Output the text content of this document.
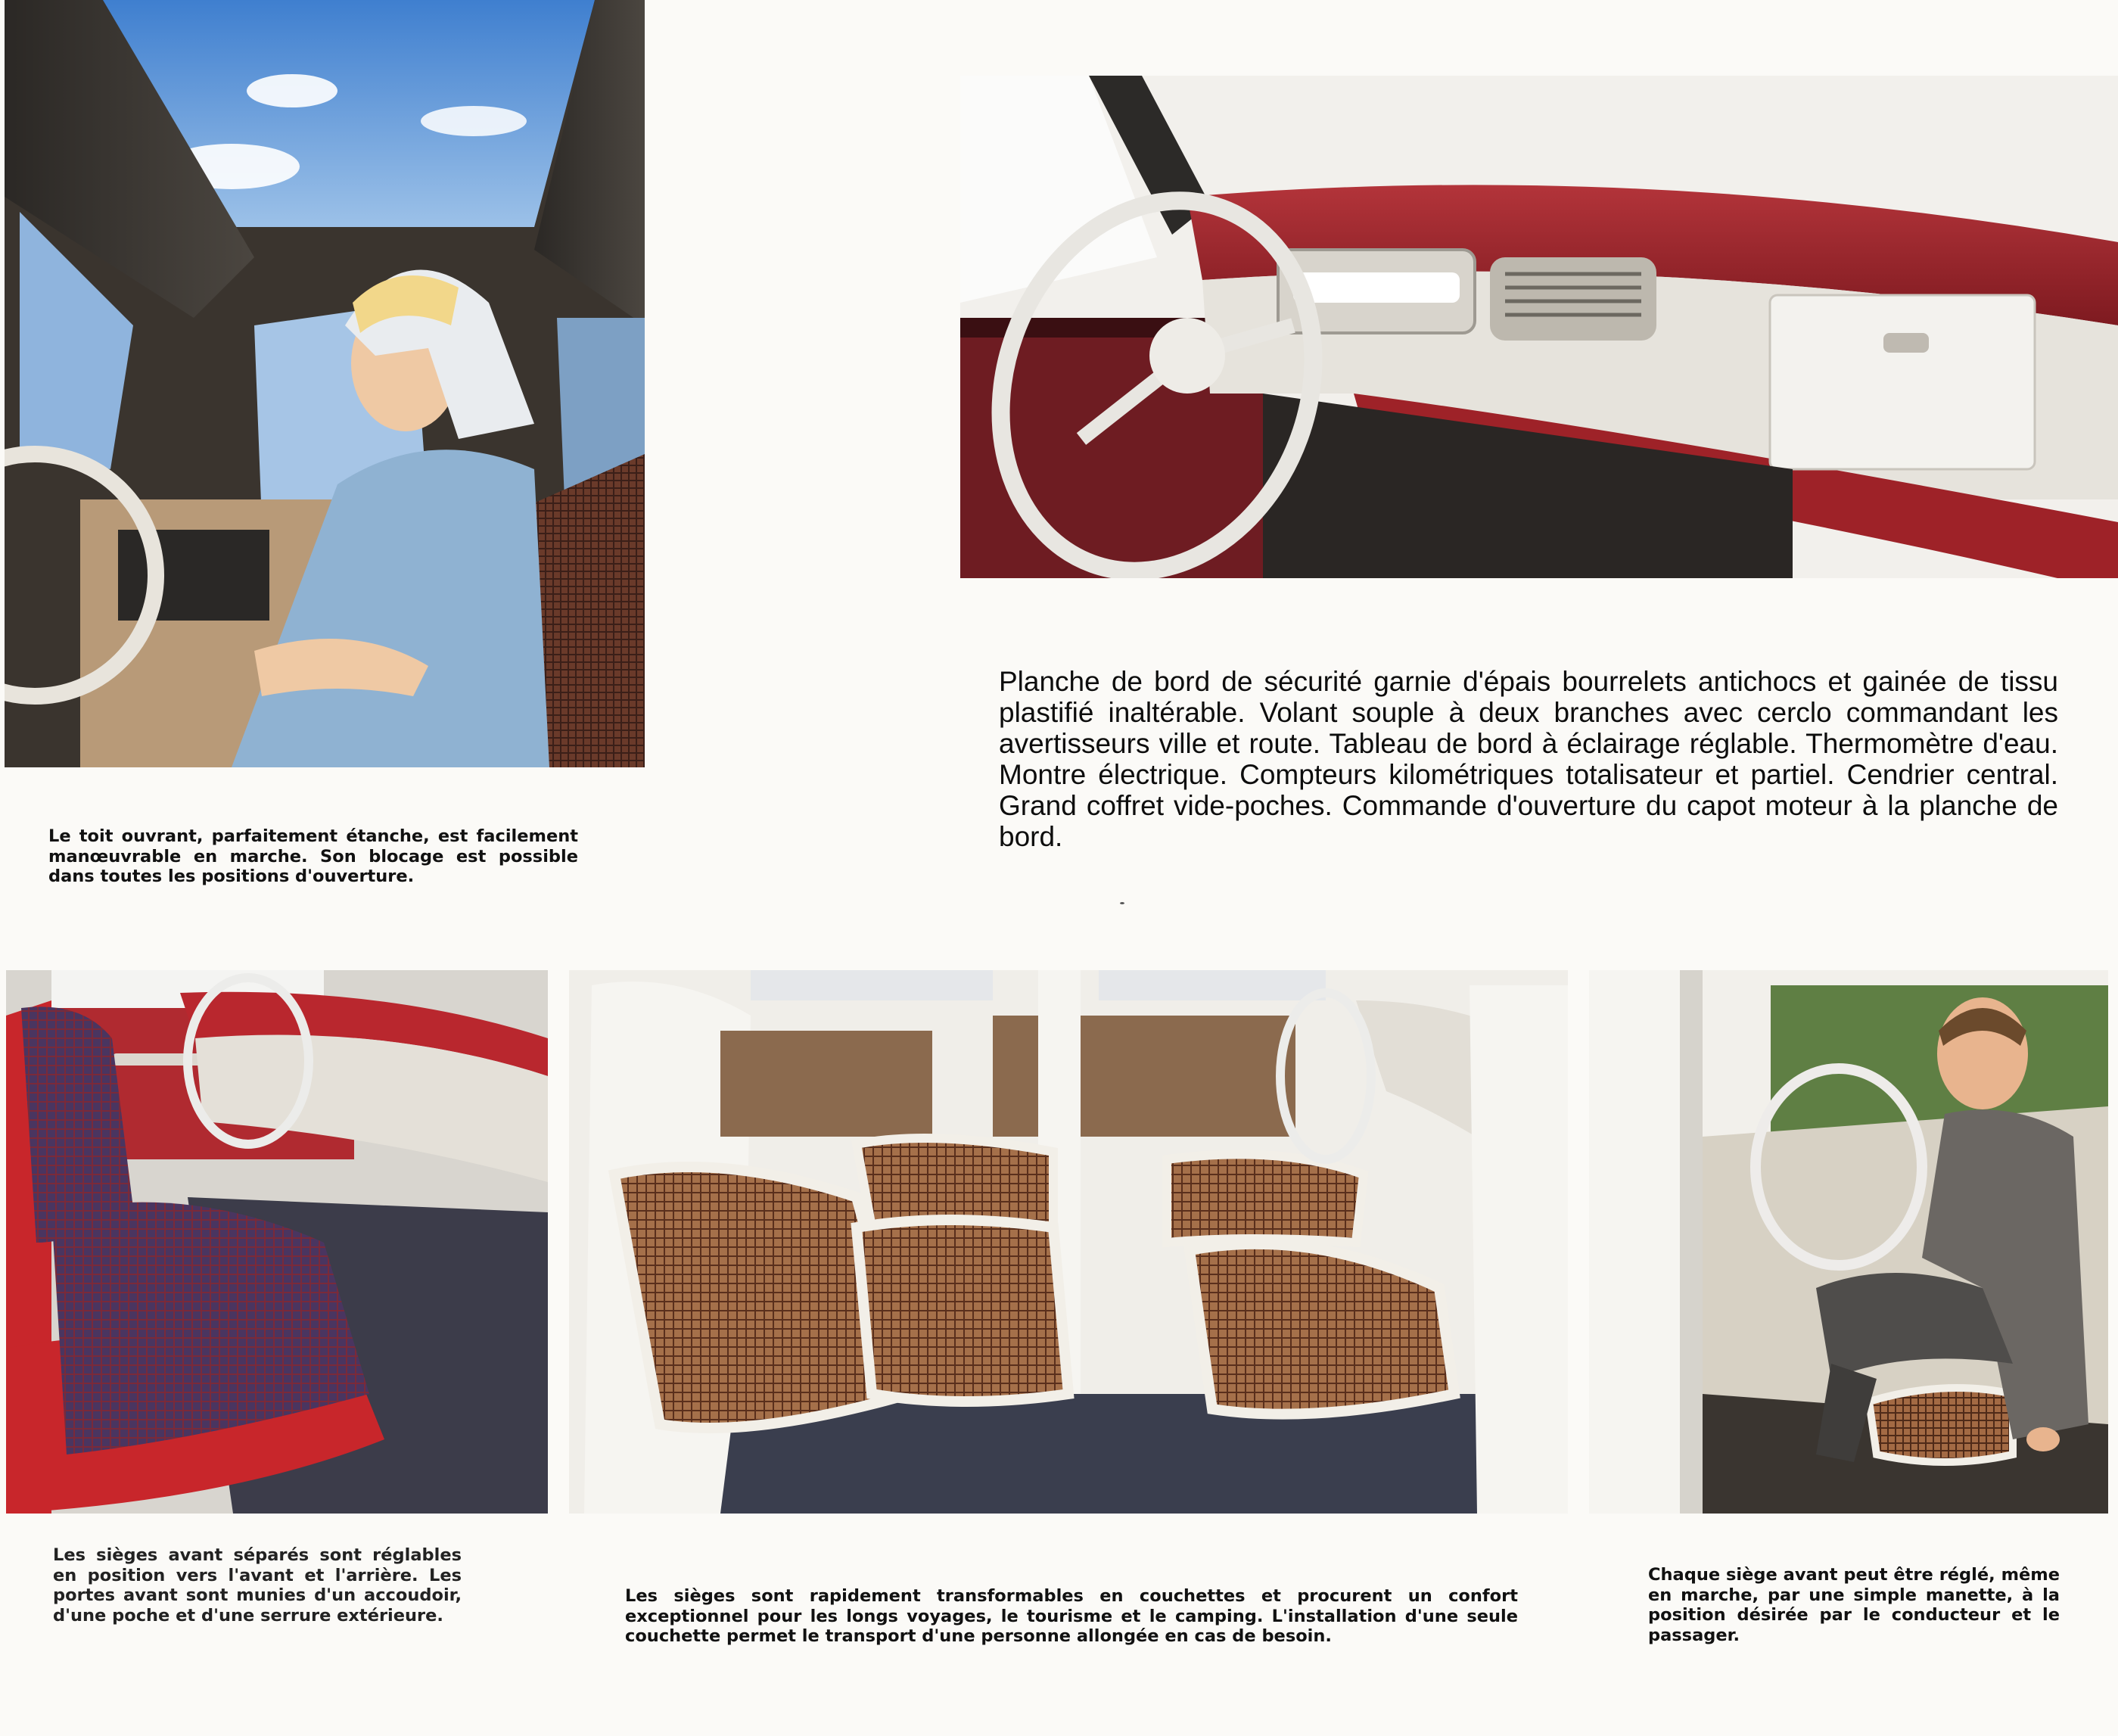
Le toit ouvrant, parfaitement étanche, est facilement manœuvrable en marche. Son blocage est possible dans toutes les positions d'ouverture.

Planche de bord de sécurité garnie d'épais bourrelets antichocs et gainée de tissu plastifié inaltérable. Volant souple à deux branches avec cerclo commandant les avertisseurs ville et route. Tableau de bord à éclairage réglable. Thermomètre d'eau. Montre électrique. Compteurs kilométriques totalisateur et partiel. Cendrier central. Grand coffret vide-poches. Commande d'ouverture du capot moteur à la planche de bord.

Les sièges avant séparés sont réglables en position vers l'avant et l'arrière. Les portes avant sont munies d'un accoudoir, d'une poche et d'une serrure extérieure.

Les sièges sont rapidement transformables en couchettes et procurent un confort exceptionnel pour les longs voyages, le tourisme et le camping. L'installation d'une seule couchette permet le transport d'une personne allongée en cas de besoin.

Chaque siège avant peut être réglé, même en marche, par une simple manette, à la position désirée par le conducteur et le passager.
